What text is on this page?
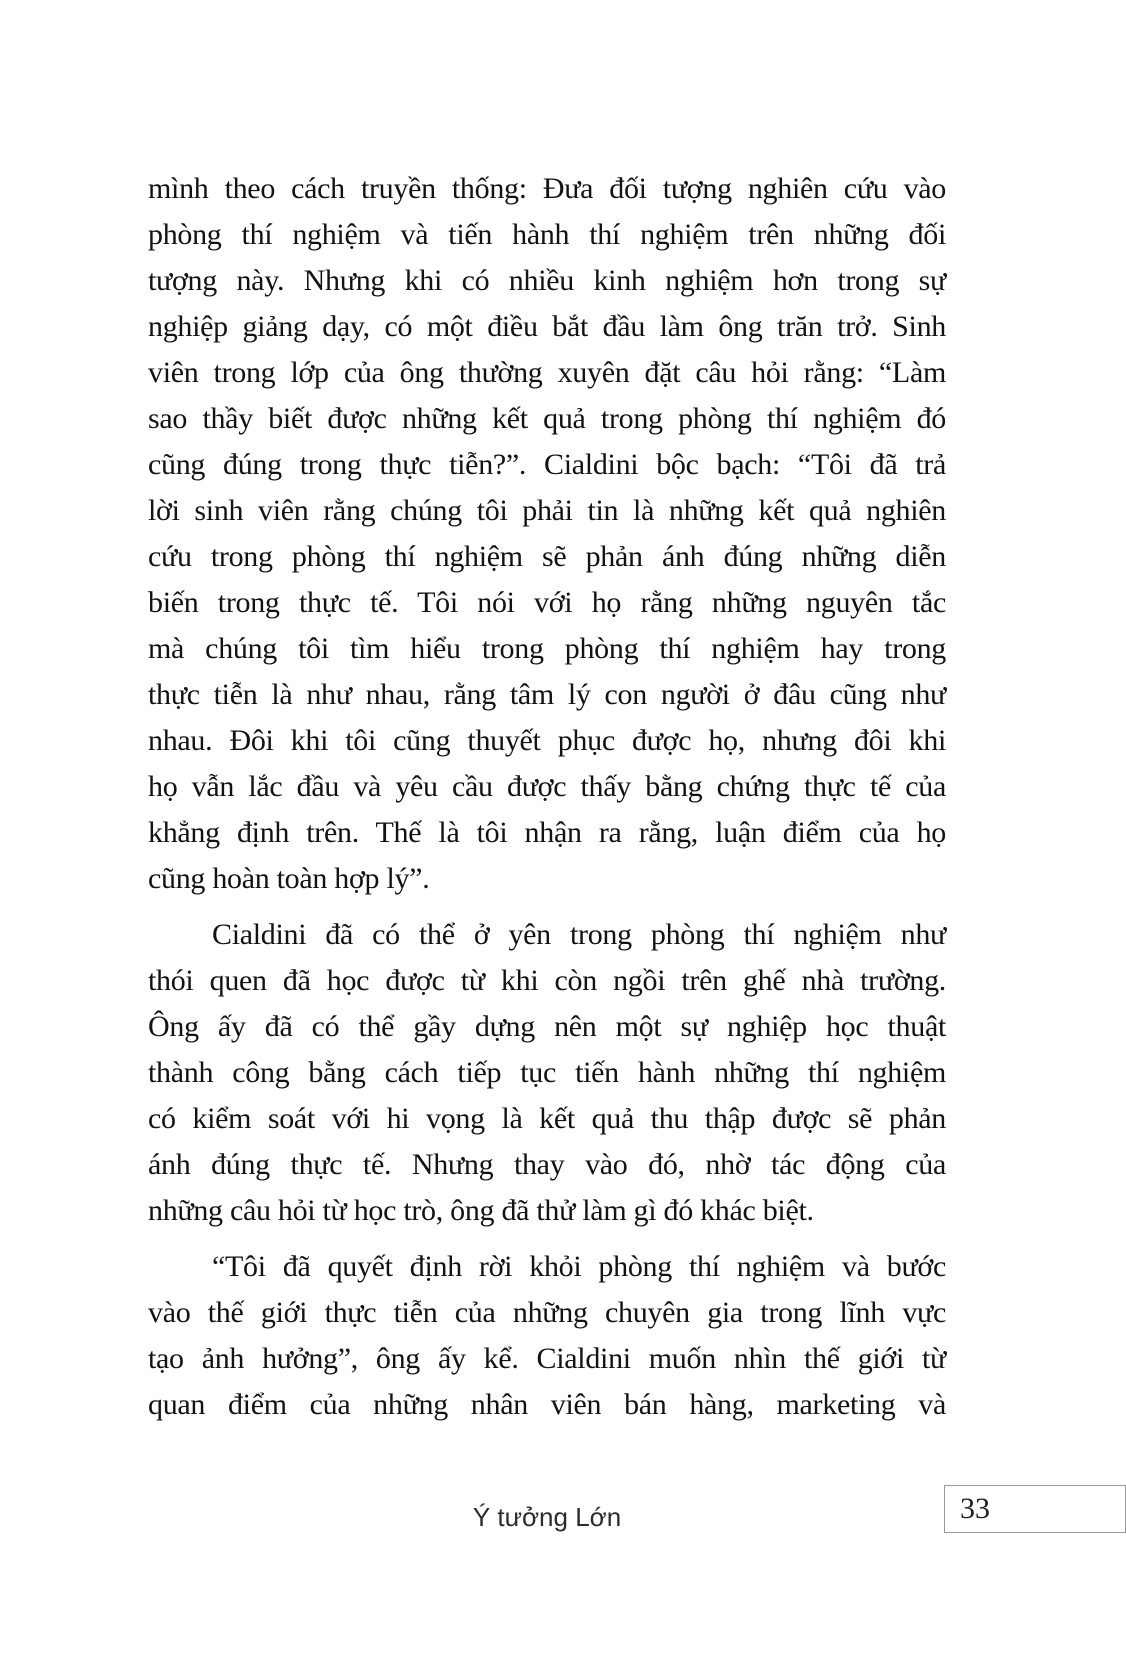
mình theo cách truyền thống: Đưa đối tượng nghiên cứu vào
phòng thí nghiệm và tiến hành thí nghiệm trên những đối
tượng này. Nhưng khi có nhiều kinh nghiệm hơn trong sự
nghiệp giảng dạy, có một điều bắt đầu làm ông trăn trở. Sinh
viên trong lớp của ông thường xuyên đặt câu hỏi rằng: “Làm
sao thầy biết được những kết quả trong phòng thí nghiệm đó
cũng đúng trong thực tiễn?”. Cialdini bộc bạch: “Tôi đã trả
lời sinh viên rằng chúng tôi phải tin là những kết quả nghiên
cứu trong phòng thí nghiệm sẽ phản ánh đúng những diễn
biến trong thực tế. Tôi nói với họ rằng những nguyên tắc
mà chúng tôi tìm hiểu trong phòng thí nghiệm hay trong
thực tiễn là như nhau, rằng tâm lý con người ở đâu cũng như
nhau. Đôi khi tôi cũng thuyết phục được họ, nhưng đôi khi
họ vẫn lắc đầu và yêu cầu được thấy bằng chứng thực tế của
khẳng định trên. Thế là tôi nhận ra rằng, luận điểm của họ
cũng hoàn toàn hợp lý”.
Cialdini đã có thể ở yên trong phòng thí nghiệm như
thói quen đã học được từ khi còn ngồi trên ghế nhà trường.
Ông ấy đã có thể gầy dựng nên một sự nghiệp học thuật
thành công bằng cách tiếp tục tiến hành những thí nghiệm
có kiểm soát với hi vọng là kết quả thu thập được sẽ phản
ánh đúng thực tế. Nhưng thay vào đó, nhờ tác động của
những câu hỏi từ học trò, ông đã thử làm gì đó khác biệt.
“Tôi đã quyết định rời khỏi phòng thí nghiệm và bước
vào thế giới thực tiễn của những chuyên gia trong lĩnh vực
tạo ảnh hưởng”, ông ấy kể. Cialdini muốn nhìn thế giới từ
quan điểm của những nhân viên bán hàng, marketing và
Ý tưởng Lớn	33
